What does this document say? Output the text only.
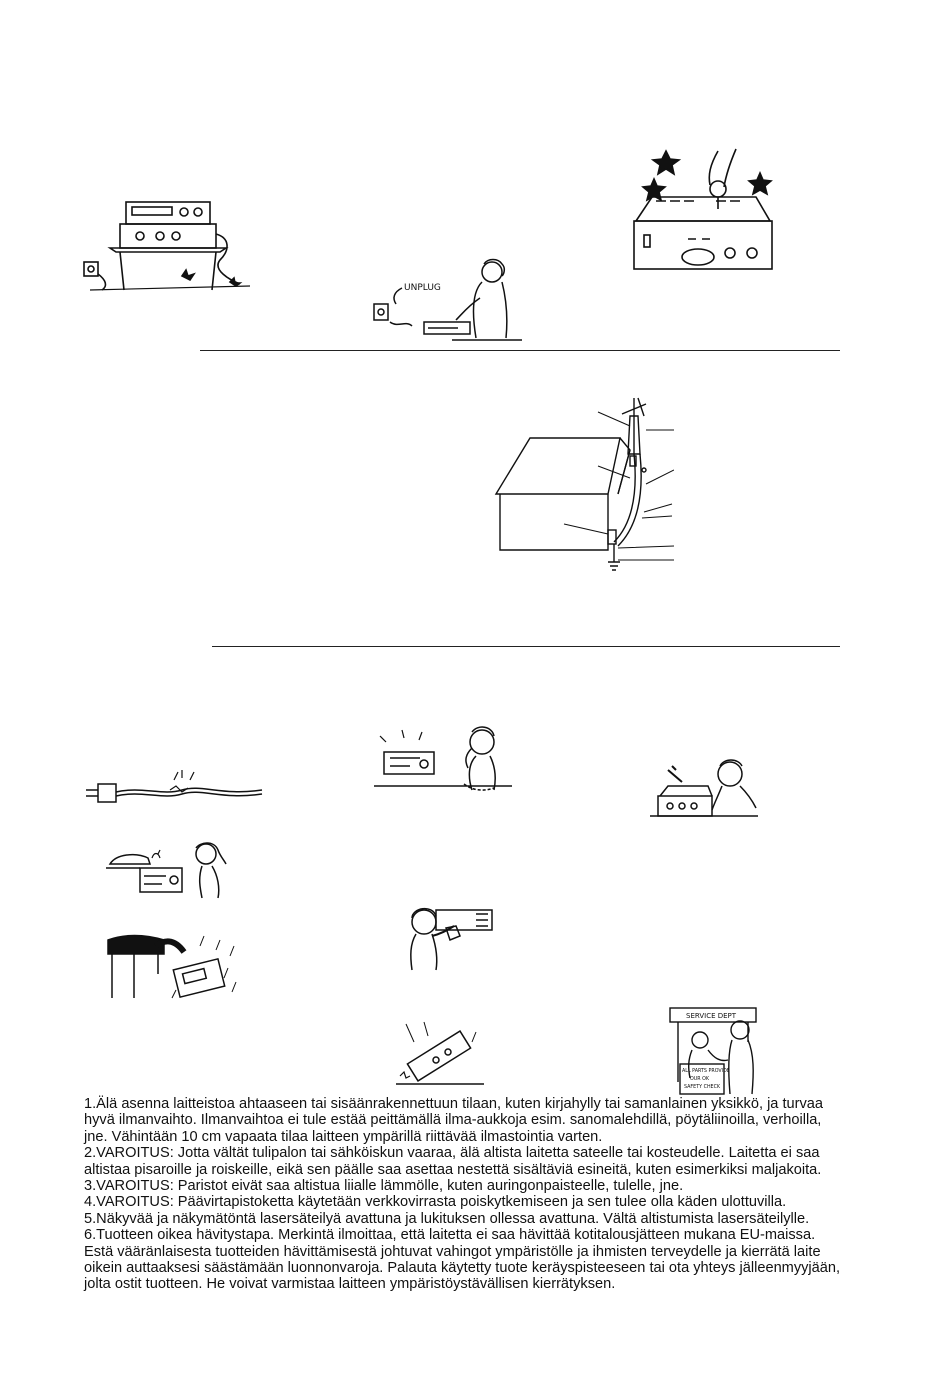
UNPLUG
SERVICE DEPT
ALL PARTS PROVIDE
OUR OK
SAFETY CHECK

1.Älä asenna laitteistoa ahtaaseen tai sisäänrakennettuun tilaan, kuten kirjahylly tai samanlainen yksikkö, ja turvaa hyvä ilmanvaihto. Ilmanvaihtoa ei tule estää peittämällä ilma-aukkoja esim. sanomalehdillä, pöytäliinoilla, verhoilla, jne. Vähintään 10 cm vapaata tilaa laitteen ympärillä riittävää ilmastointia varten.

2.VAROITUS: Jotta vältät tulipalon tai sähköiskun vaaraa, älä altista laitetta sateelle tai kosteudelle. Laitetta ei saa altistaa pisaroille ja roiskeille, eikä sen päälle saa asettaa nestettä sisältäviä esineitä, kuten esimerkiksi maljakoita.

3.VAROITUS: Paristot eivät saa altistua liialle lämmölle, kuten auringonpaisteelle, tulelle, jne.

4.VAROITUS: Päävirtapistoketta käytetään verkkovirrasta poiskytkemiseen ja sen tulee olla käden ulottuvilla.

5.Näkyvää ja näkymätöntä lasersäteilyä avattuna ja lukituksen ollessa avattuna. Vältä altistumista lasersäteilylle.

6.Tuotteen oikea hävitystapa. Merkintä ilmoittaa, että laitetta ei saa hävittää kotitalousjätteen mukana EU-maissa. Estä vääränlaisesta tuotteiden hävittämisestä johtuvat vahingot ympäristölle ja ihmisten terveydelle ja kierrätä laite oikein auttaaksesi säästämään luonnonvaroja. Palauta käytetty tuote keräyspisteeseen tai ota yhteys jälleenmyyjään, jolta ostit tuotteen. He voivat varmistaa laitteen ympäristöystävällisen kierrätyksen.
